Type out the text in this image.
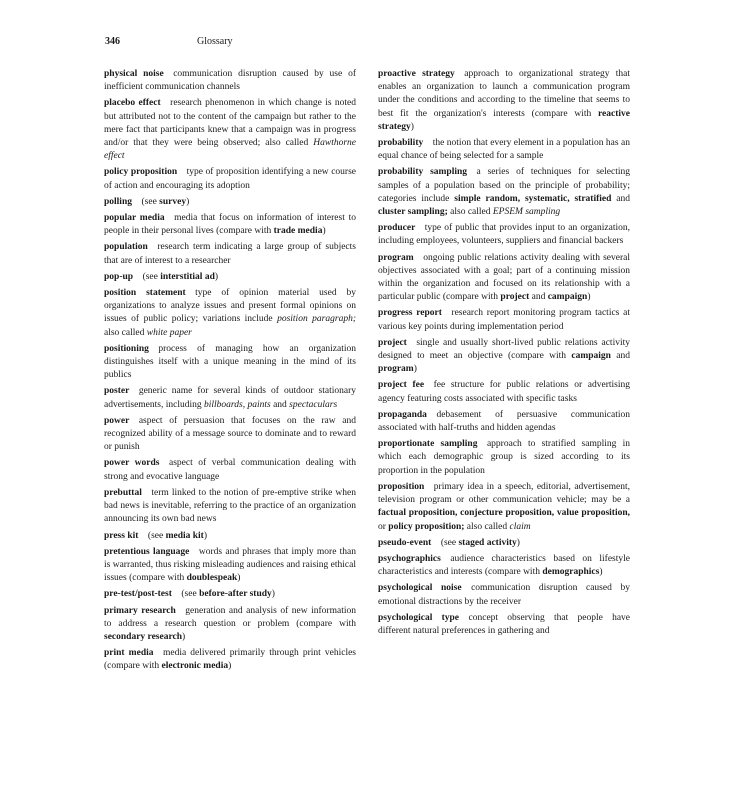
346	Glossary

physical noise  communication disruption caused by use of inefficient communication channels

placebo effect  research phenomenon in which change is noted but attributed not to the content of the campaign but rather to the mere fact that participants knew that a campaign was in progress and/or that they were being observed; also called Hawthorne effect

policy proposition  type of proposition identifying a new course of action and encouraging its adoption

polling  (see survey)

popular media  media that focus on information of interest to people in their personal lives (compare with trade media)

population  research term indicating a large group of subjects that are of interest to a researcher

pop-up  (see interstitial ad)

position statement  type of opinion material used by organizations to analyze issues and present formal opinions on issues of public policy; variations include position paragraph; also called white paper

positioning  process of managing how an organization distinguishes itself with a unique meaning in the mind of its publics

poster  generic name for several kinds of outdoor stationary advertisements, including billboards, paints and spectaculars

power  aspect of persuasion that focuses on the raw and recognized ability of a message source to dominate and to reward or punish

power words  aspect of verbal communication dealing with strong and evocative language

prebuttal  term linked to the notion of pre-emptive strike when bad news is inevitable, referring to the practice of an organization announcing its own bad news

press kit  (see media kit)

pretentious language  words and phrases that imply more than is warranted, thus risking misleading audiences and raising ethical issues (compare with doublespeak)

pre-test/post-test  (see before-after study)

primary research  generation and analysis of new information to address a research question or problem (compare with secondary research)

print media  media delivered primarily through print vehicles (compare with electronic media)

proactive strategy  approach to organizational strategy that enables an organization to launch a communication program under the conditions and according to the timeline that seems to best fit the organization's interests (compare with reactive strategy)

probability  the notion that every element in a population has an equal chance of being selected for a sample

probability sampling  a series of techniques for selecting samples of a population based on the principle of probability; categories include simple random, systematic, stratified and cluster sampling; also called EPSEM sampling

producer  type of public that provides input to an organization, including employees, volunteers, suppliers and financial backers

program  ongoing public relations activity dealing with several objectives associated with a goal; part of a continuing mission within the organization and focused on its relationship with a particular public (compare with project and campaign)

progress report  research report monitoring program tactics at various key points during implementation period

project  single and usually short-lived public relations activity designed to meet an objective (compare with campaign and program)

project fee  fee structure for public relations or advertising agency featuring costs associated with specific tasks

propaganda  debasement of persuasive communication associated with half-truths and hidden agendas

proportionate sampling  approach to stratified sampling in which each demographic group is sized according to its proportion in the population

proposition  primary idea in a speech, editorial, advertisement, television program or other communication vehicle; may be a factual proposition, conjecture proposition, value proposition, or policy proposition; also called claim

pseudo-event  (see staged activity)

psychographics  audience characteristics based on lifestyle characteristics and interests (compare with demographics)

psychological noise  communication disruption caused by emotional distractions by the receiver

psychological type  concept observing that people have different natural preferences in gathering and
